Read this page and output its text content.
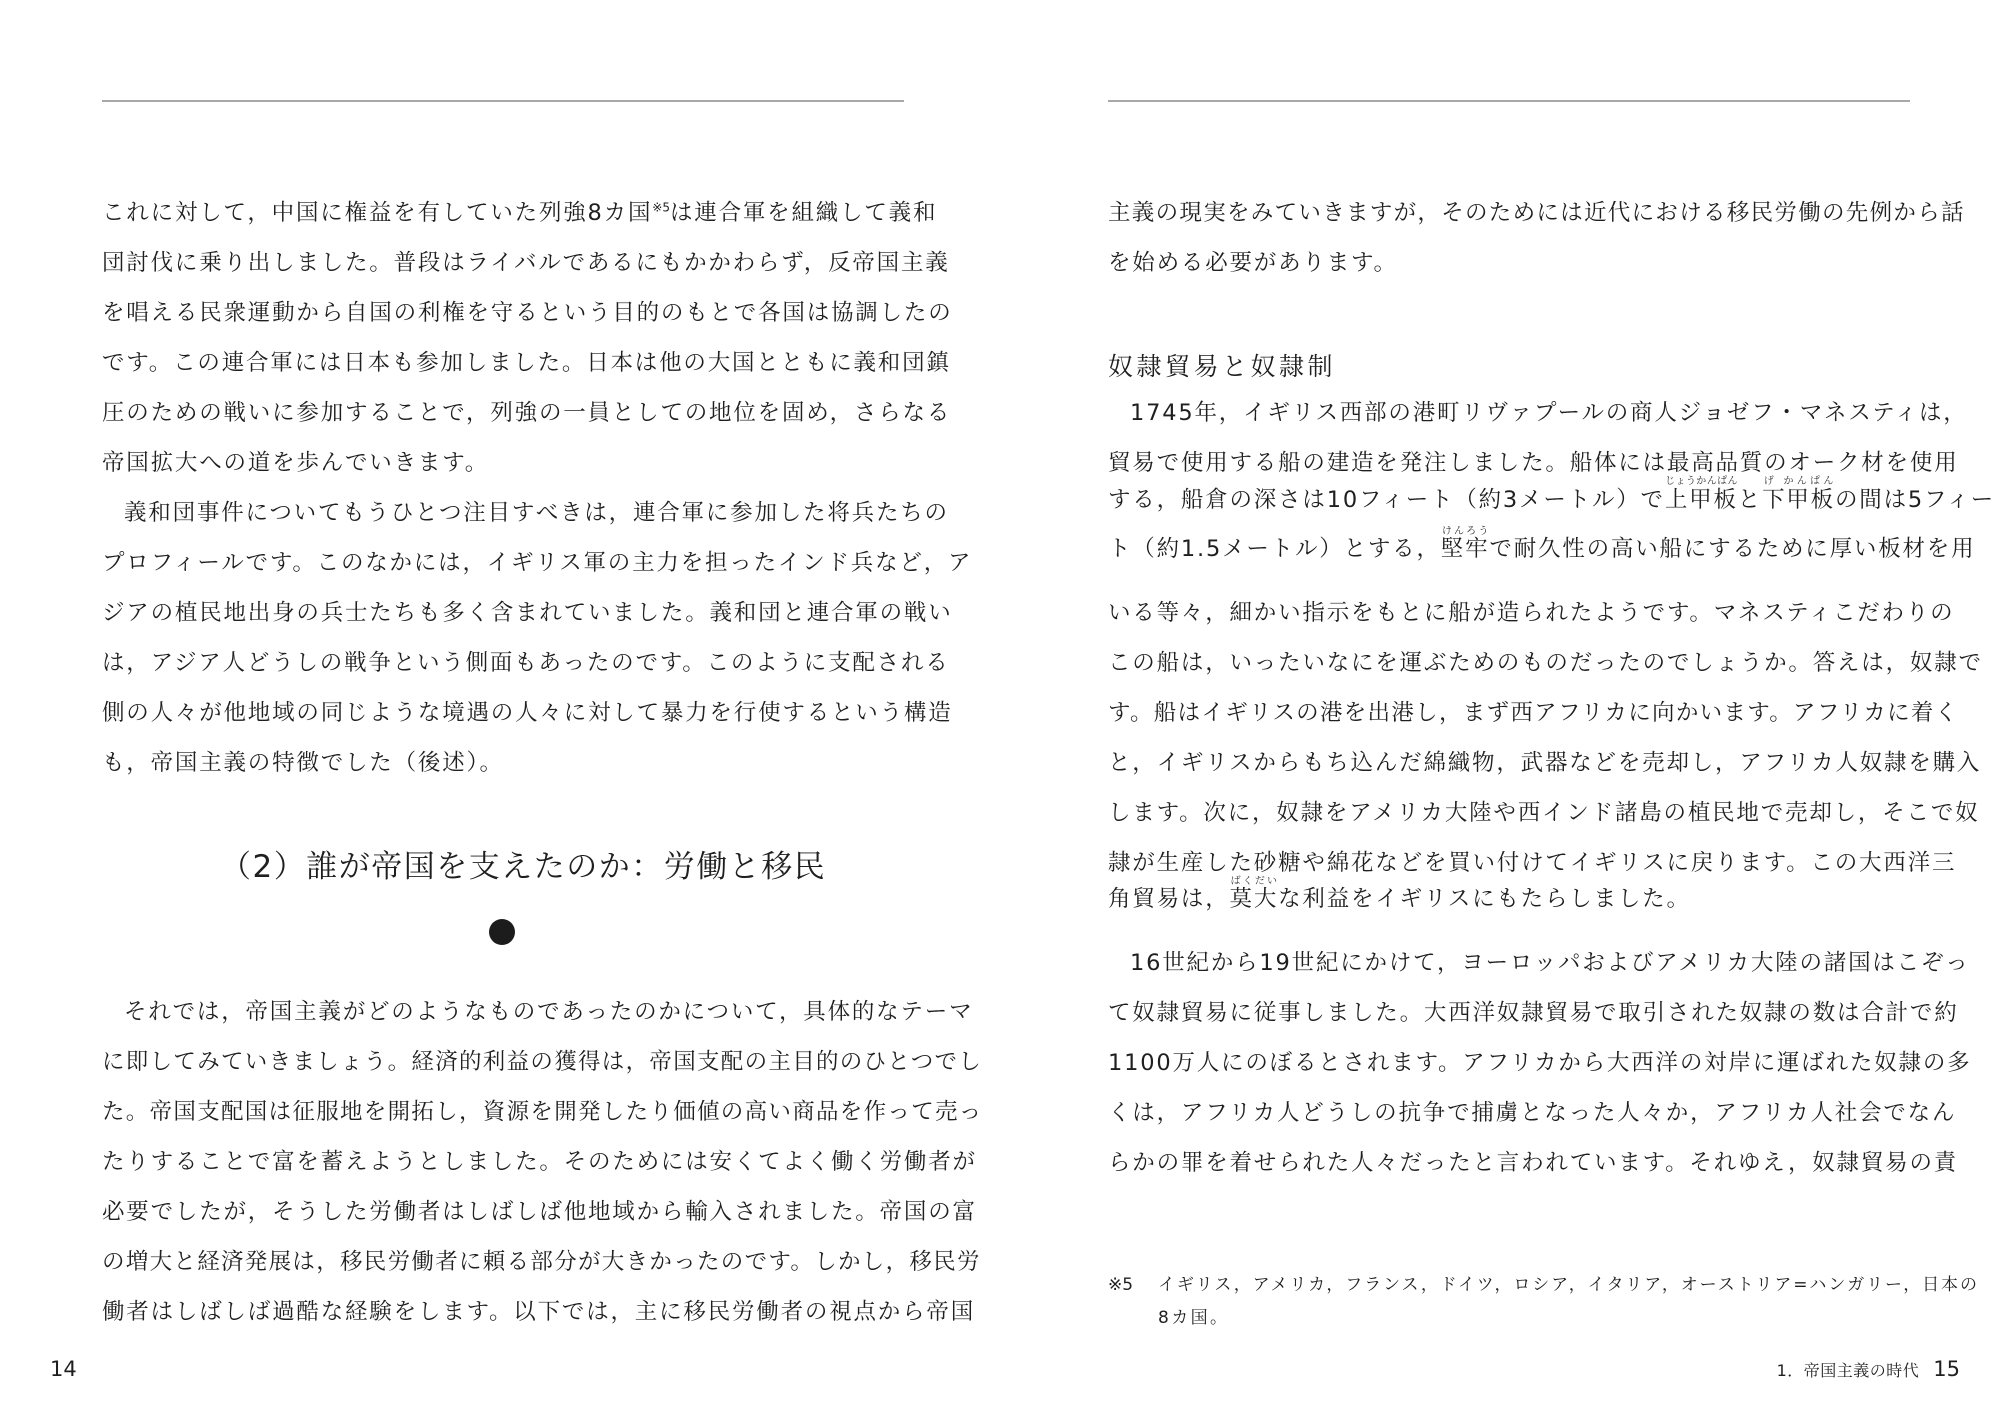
これに対して，中国に権益を有していた列強8カ国$^{※5}$は連合軍を組織して義和
団討伐に乗り出しました。普段はライバルであるにもかかわらず，反帝国主義
を唱える民衆運動から自国の利権を守るという目的のもとで各国は協調したの
です。この連合軍には日本も参加しました。日本は他の大国とともに義和団鎮
圧のための戦いに参加することで，列強の一員としての地位を固め，さらなる
帝国拡大への道を歩んでいきます。
義和団事件についてもうひとつ注目すべきは，連合軍に参加した将兵たちの
プロフィールです。このなかには，イギリス軍の主力を担ったインド兵など，ア
ジアの植民地出身の兵士たちも多く含まれていました。義和団と連合軍の戦い
は，アジア人どうしの戦争という側面もあったのです。このように支配される
側の人々が他地域の同じような境遇の人々に対して暴力を行使するという構造
も，帝国主義の特徴でした（後述）。
（2）誰が帝国を支えたのか：労働と移民
それでは，帝国主義がどのようなものであったのかについて，具体的なテーマ
に即してみていきましょう。経済的利益の獲得は，帝国支配の主目的のひとつでし
た。帝国支配国は征服地を開拓し，資源を開発したり価値の高い商品を作って売っ
たりすることで富を蓄えようとしました。そのためには安くてよく働く労働者が
必要でしたが，そうした労働者はしばしば他地域から輸入されました。帝国の富
の増大と経済発展は，移民労働者に頼る部分が大きかったのです。しかし，移民労
働者はしばしば過酷な経験をします。以下では，主に移民労働者の視点から帝国
14
主義の現実をみていきますが，そのためには近代における移民労働の先例から話
を始める必要があります。
奴隷貿易と奴隷制
1745年，イギリス西部の港町リヴァプールの商人ジョゼフ・マネスティは，
貿易で使用する船の建造を発注しました。船体には最高品質のオーク材を使用
する，船倉の深さは10フィート（約3メートル）で上甲板じょうかんぱんと下甲板げ かんぱんの間は5フィー
ト（約1.5メートル）とする，堅牢けんろうで耐久性の高い船にするために厚い板材を用
いる等々，細かい指示をもとに船が造られたようです。マネスティこだわりの
この船は，いったいなにを運ぶためのものだったのでしょうか。答えは，奴隷で
す。船はイギリスの港を出港し，まず西アフリカに向かいます。アフリカに着く
と，イギリスからもち込んだ綿織物，武器などを売却し，アフリカ人奴隷を購入
します。次に，奴隷をアメリカ大陸や西インド諸島の植民地で売却し，そこで奴
隷が生産した砂糖や綿花などを買い付けてイギリスに戻ります。この大西洋三
角貿易は，莫大ばくだいな利益をイギリスにもたらしました。
16世紀から19世紀にかけて，ヨーロッパおよびアメリカ大陸の諸国はこぞっ
て奴隷貿易に従事しました。大西洋奴隷貿易で取引された奴隷の数は合計で約
1100万人にのぼるとされます。アフリカから大西洋の対岸に運ばれた奴隷の多
くは，アフリカ人どうしの抗争で捕虜となった人々か，アフリカ人社会でなん
らかの罪を着せられた人々だったと言われています。それゆえ，奴隷貿易の責
※5 イギリス，アメリカ，フランス，ドイツ，ロシア，イタリア，オーストリア=ハンガリー，日本の
8カ国。
1．帝国主義の時代 15
